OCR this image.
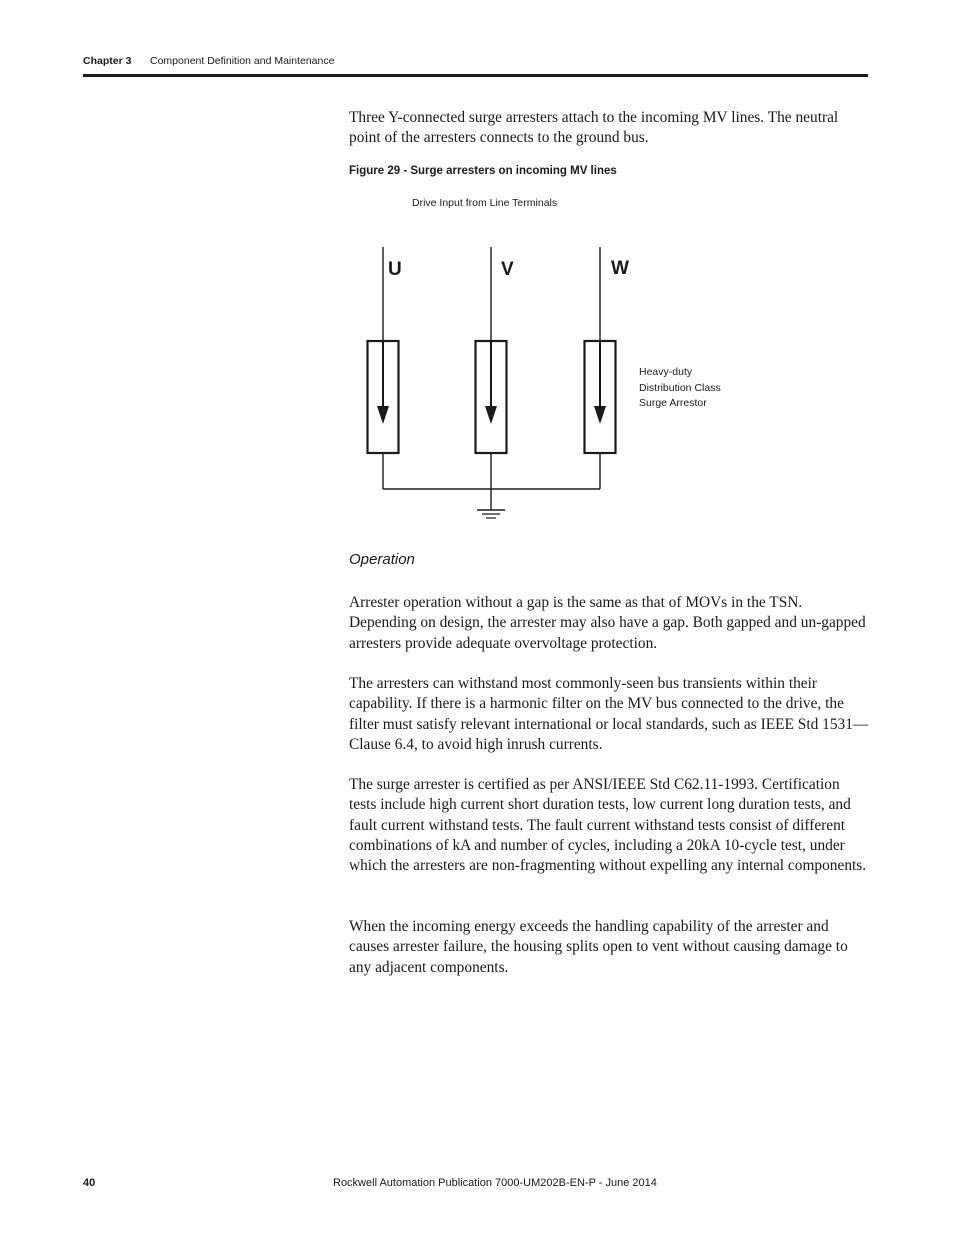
Chapter 3 Component Definition and Maintenance

Three Y-connected surge arresters attach to the incoming MV lines. The neutral point of the arresters connects to the ground bus.

Figure 29 - Surge arresters on incoming MV lines
Drive Input from Line Terminals
U	V	W
Heavy-duty
Distribution Class
Surge Arrestor
Operation

Arrester operation without a gap is the same as that of MOVs in the TSN. Depending on design, the arrester may also have a gap. Both gapped and un-gapped arresters provide adequate overvoltage protection.

The arresters can withstand most commonly-seen bus transients within their capability. If there is a harmonic filter on the MV bus connected to the drive, the filter must satisfy relevant international or local standards, such as IEEE Std 1531— Clause 6.4, to avoid high inrush currents.

The surge arrester is certified as per ANSI/IEEE Std C62.11-1993. Certification tests include high current short duration tests, low current long duration tests, and fault current withstand tests. The fault current withstand tests consist of different combinations of kA and number of cycles, including a 20kA 10-cycle test, under which the arresters are non-fragmenting without expelling any internal components.

When the incoming energy exceeds the handling capability of the arrester and causes arrester failure, the housing splits open to vent without causing damage to any adjacent components.

40	Rockwell Automation Publication 7000-UM202B-EN-P - June 2014
